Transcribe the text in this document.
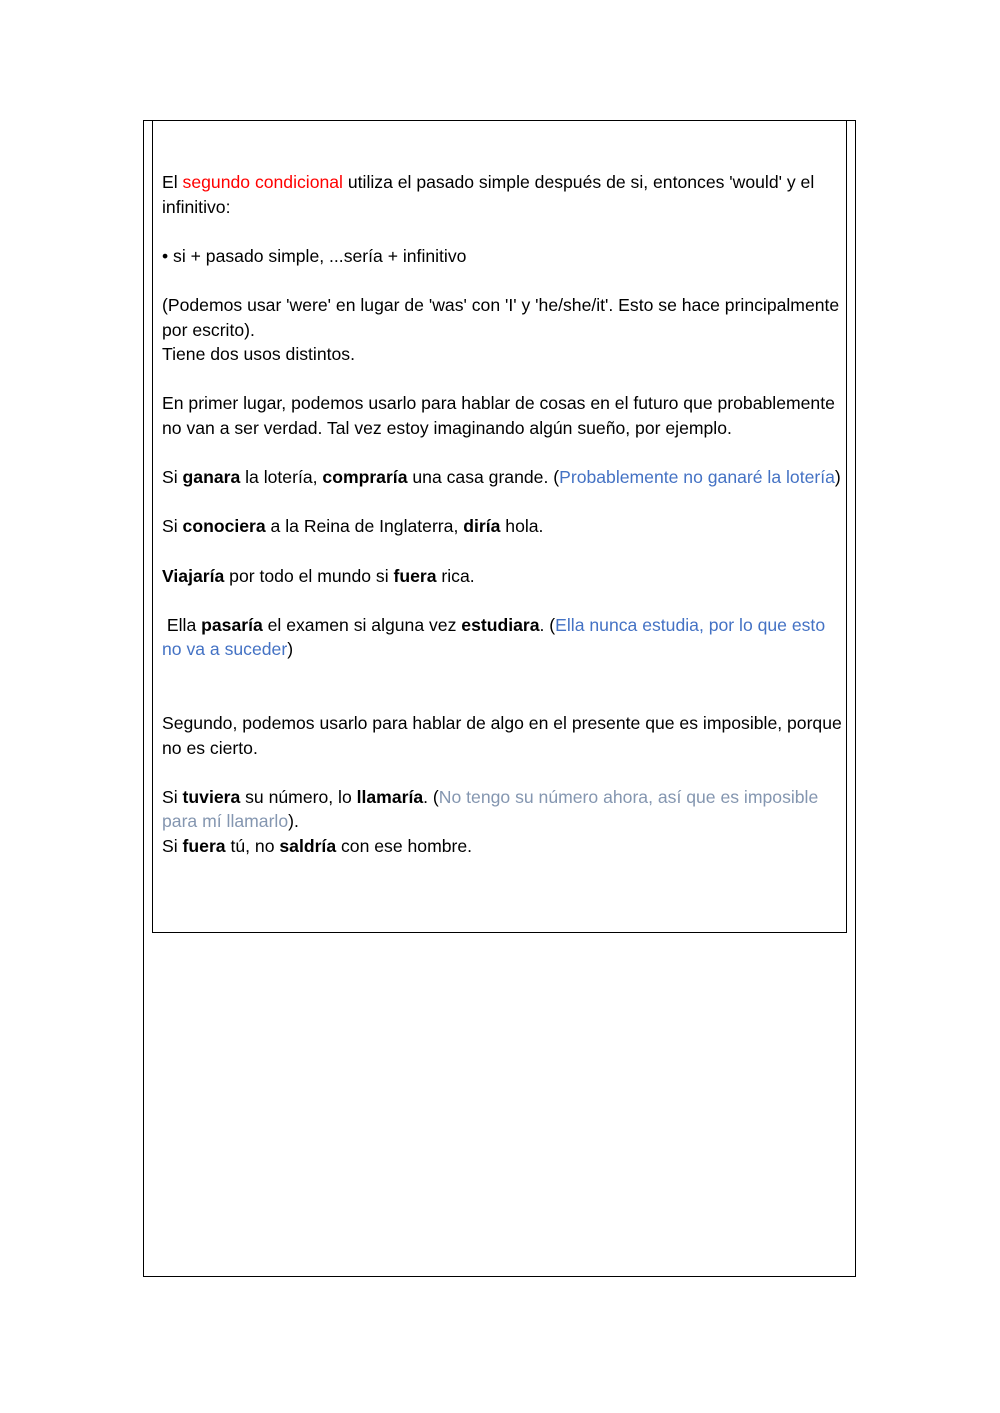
El segundo condicional utiliza el pasado simple después de si, entonces 'would' y el infinitivo:

• si + pasado simple, ...sería + infinitivo

(Podemos usar 'were' en lugar de 'was' con 'I' y 'he/she/it'. Esto se hace principalmente por escrito).

Tiene dos usos distintos.

En primer lugar, podemos usarlo para hablar de cosas en el futuro que probablemente no van a ser verdad. Tal vez estoy imaginando algún sueño, por ejemplo.

Si ganara la lotería, compraría una casa grande. (Probablemente no ganaré la lotería)

Si conociera a la Reina de Inglaterra, diría hola.

Viajaría por todo el mundo si fuera rica.

Ella pasaría el examen si alguna vez estudiara. (Ella nunca estudia, por lo que esto no va a suceder)

Segundo, podemos usarlo para hablar de algo en el presente que es imposible, porque no es cierto.

Si tuviera su número, lo llamaría. (No tengo su número ahora, así que es imposible para mí llamarlo).

Si fuera tú, no saldría con ese hombre.
